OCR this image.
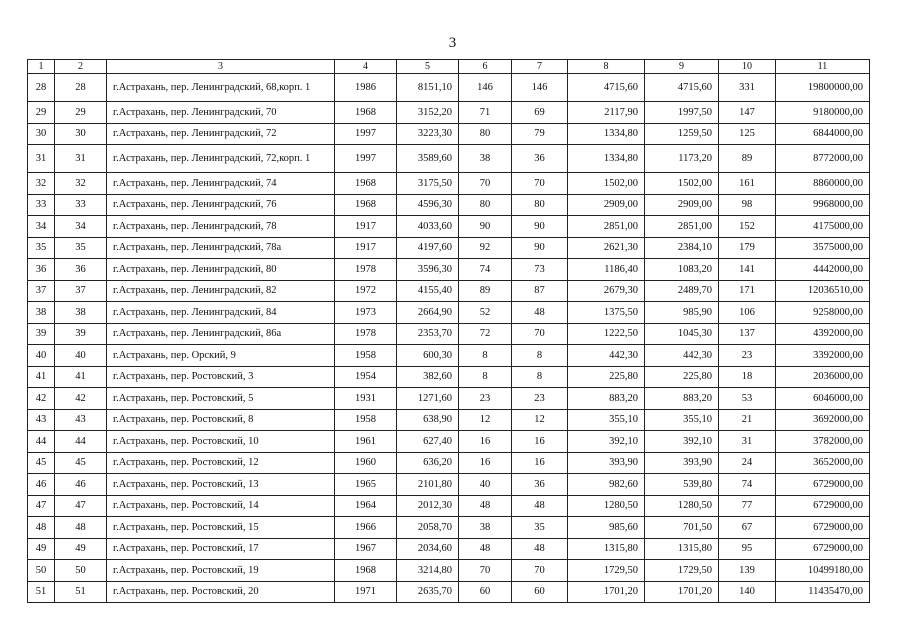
3
1	2	3	4	5	6	7	8	9	10	11
28	28	г.Астрахань, пер. Ленинградский, 68,корп. 1	1986	8151,10	146	146	4715,60	4715,60	331	19800000,00
29	29	г.Астрахань, пер. Ленинградский, 70	1968	3152,20	71	69	2117,90	1997,50	147	9180000,00
30	30	г.Астрахань, пер. Ленинградский, 72	1997	3223,30	80	79	1334,80	1259,50	125	6844000,00
31	31	г.Астрахань, пер. Ленинградский, 72,корп. 1	1997	3589,60	38	36	1334,80	1173,20	89	8772000,00
32	32	г.Астрахань, пер. Ленинградский, 74	1968	3175,50	70	70	1502,00	1502,00	161	8860000,00
33	33	г.Астрахань, пер. Ленинградский, 76	1968	4596,30	80	80	2909,00	2909,00	98	9968000,00
34	34	г.Астрахань, пер. Ленинградский, 78	1917	4033,60	90	90	2851,00	2851,00	152	4175000,00
35	35	г.Астрахань, пер. Ленинградский, 78а	1917	4197,60	92	90	2621,30	2384,10	179	3575000,00
36	36	г.Астрахань, пер. Ленинградский, 80	1978	3596,30	74	73	1186,40	1083,20	141	4442000,00
37	37	г.Астрахань, пер. Ленинградский, 82	1972	4155,40	89	87	2679,30	2489,70	171	12036510,00
38	38	г.Астрахань, пер. Ленинградский, 84	1973	2664,90	52	48	1375,50	985,90	106	9258000,00
39	39	г.Астрахань, пер. Ленинградский, 86а	1978	2353,70	72	70	1222,50	1045,30	137	4392000,00
40	40	г.Астрахань, пер. Орский, 9	1958	600,30	8	8	442,30	442,30	23	3392000,00
41	41	г.Астрахань, пер. Ростовский, 3	1954	382,60	8	8	225,80	225,80	18	2036000,00
42	42	г.Астрахань, пер. Ростовский, 5	1931	1271,60	23	23	883,20	883,20	53	6046000,00
43	43	г.Астрахань, пер. Ростовский, 8	1958	638,90	12	12	355,10	355,10	21	3692000,00
44	44	г.Астрахань, пер. Ростовский, 10	1961	627,40	16	16	392,10	392,10	31	3782000,00
45	45	г.Астрахань, пер. Ростовский, 12	1960	636,20	16	16	393,90	393,90	24	3652000,00
46	46	г.Астрахань, пер. Ростовский, 13	1965	2101,80	40	36	982,60	539,80	74	6729000,00
47	47	г.Астрахань, пер. Ростовский, 14	1964	2012,30	48	48	1280,50	1280,50	77	6729000,00
48	48	г.Астрахань, пер. Ростовский, 15	1966	2058,70	38	35	985,60	701,50	67	6729000,00
49	49	г.Астрахань, пер. Ростовский, 17	1967	2034,60	48	48	1315,80	1315,80	95	6729000,00
50	50	г.Астрахань, пер. Ростовский, 19	1968	3214,80	70	70	1729,50	1729,50	139	10499180,00
51	51	г.Астрахань, пер. Ростовский, 20	1971	2635,70	60	60	1701,20	1701,20	140	11435470,00
